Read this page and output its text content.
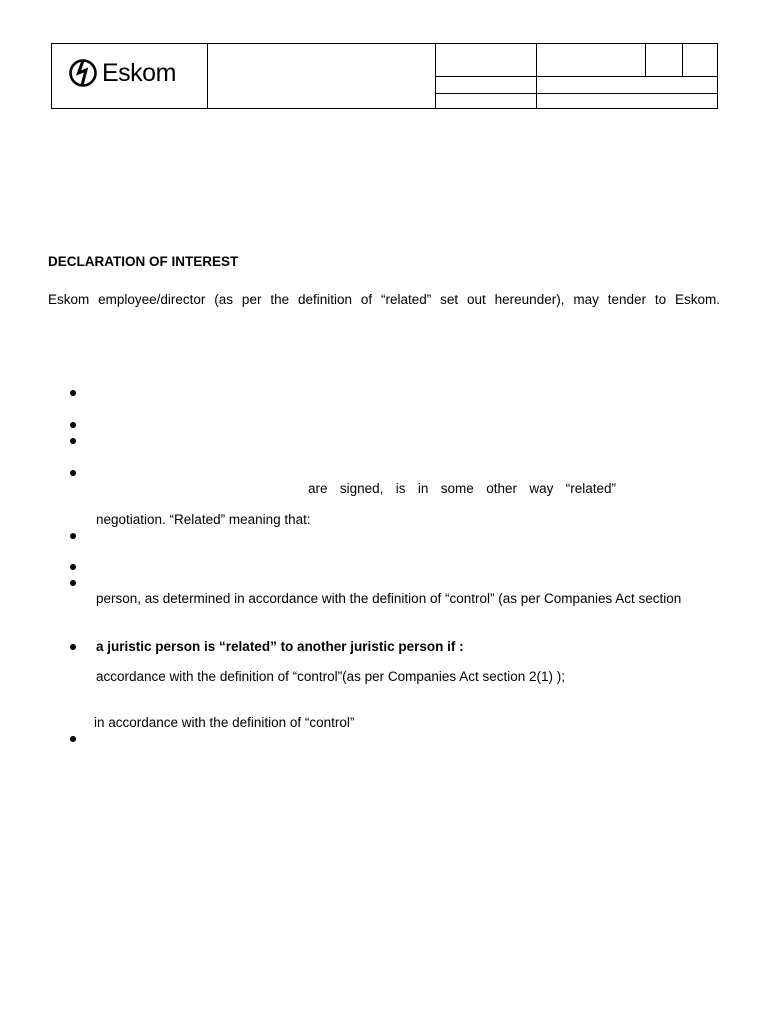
Eskom
DECLARATION OF INTEREST
Eskom employee/director (as per the definition of “related” set out hereunder), may tender to Eskom.
are signed, is in some other way “related”
negotiation. “Related” meaning that:
person, as determined in accordance with the definition of “control” (as per Companies Act section
a juristic person is “related” to another juristic person if :
accordance with the definition of “control”(as per Companies Act section 2(1) );
in accordance with the definition of “control”
